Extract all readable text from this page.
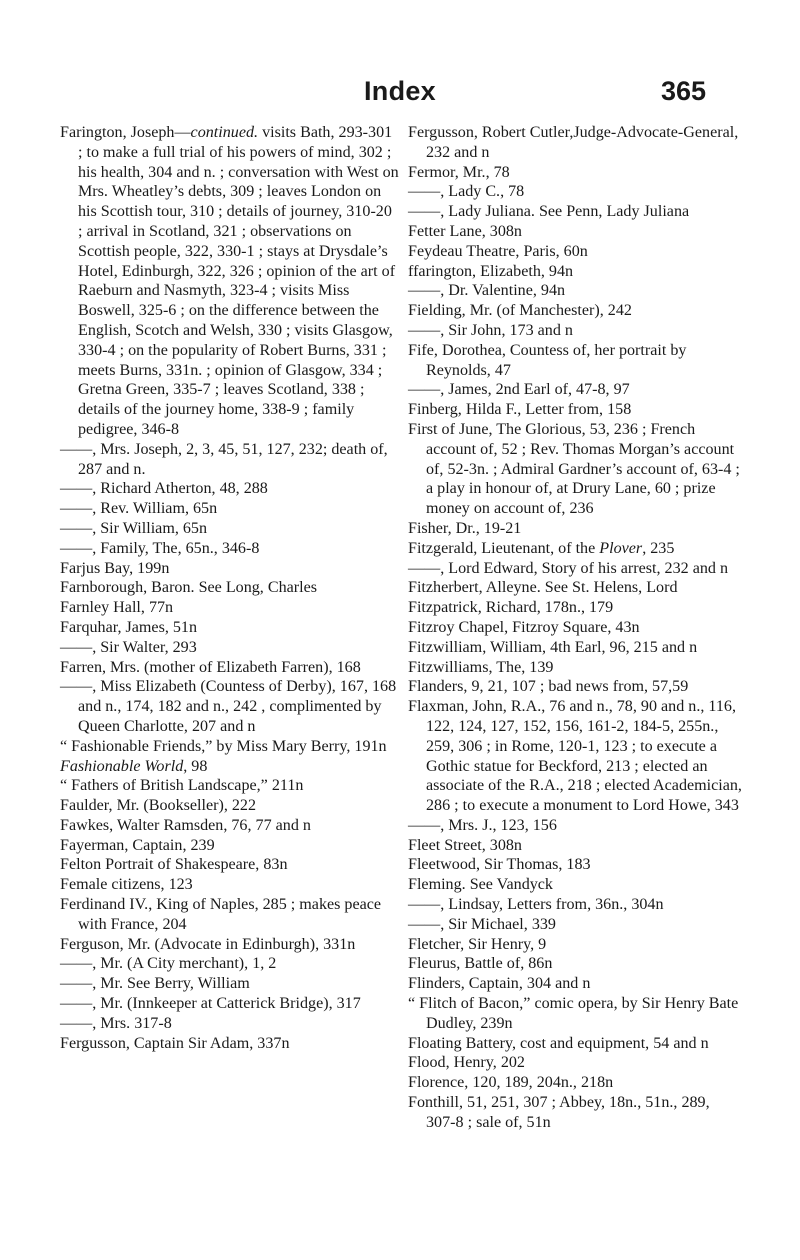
Index	365

Farington, Joseph—continued. visits Bath, 293-301 ; to make a full trial of his powers of mind, 302 ; his health, 304 and n. ; conversation with West on Mrs. Wheatley’s debts, 309 ; leaves London on his Scottish tour, 310 ; details of journey, 310-20 ; arrival in Scotland, 321 ; observations on Scottish people, 322, 330-1 ; stays at Drysdale’s Hotel, Edinburgh, 322, 326 ; opinion of the art of Raeburn and Nasmyth, 323-4 ; visits Miss Boswell, 325-6 ; on the difference between the English, Scotch and Welsh, 330 ; visits Glasgow, 330-4 ; on the popularity of Robert Burns, 331 ; meets Burns, 331n. ; opinion of Glasgow, 334 ; Gretna Green, 335-7 ; leaves Scotland, 338 ; details of the journey home, 338-9 ; family pedigree, 346-8

——, Mrs. Joseph, 2, 3, 45, 51, 127, 232; death of, 287 and n.

——, Richard Atherton, 48, 288

——, Rev. William, 65n

——, Sir William, 65n

——, Family, The, 65n., 346-8

Farjus Bay, 199n

Farnborough, Baron. See Long, Charles

Farnley Hall, 77n

Farquhar, James, 51n

——, Sir Walter, 293

Farren, Mrs. (mother of Elizabeth Farren), 168

——, Miss Elizabeth (Countess of Derby), 167, 168 and n., 174, 182 and n., 242 , complimented by Queen Charlotte, 207 and n

“ Fashionable Friends,” by Miss Mary Berry, 191n

Fashionable World, 98

“ Fathers of British Landscape,” 211n

Faulder, Mr. (Bookseller), 222

Fawkes, Walter Ramsden, 76, 77 and n

Fayerman, Captain, 239

Felton Portrait of Shakespeare, 83n

Female citizens, 123

Ferdinand IV., King of Naples, 285 ; makes peace with France, 204

Ferguson, Mr. (Advocate in Edinburgh), 331n

——, Mr. (A City merchant), 1, 2

——, Mr. See Berry, William

——, Mr. (Innkeeper at Catterick Bridge), 317

——, Mrs. 317-8

Fergusson, Captain Sir Adam, 337n

Fergusson, Robert Cutler,Judge-Advocate-General, 232 and n

Fermor, Mr., 78

——, Lady C., 78

——, Lady Juliana. See Penn, Lady Juliana

Fetter Lane, 308n

Feydeau Theatre, Paris, 60n

ffarington, Elizabeth, 94n

——, Dr. Valentine, 94n

Fielding, Mr. (of Manchester), 242

——, Sir John, 173 and n

Fife, Dorothea, Countess of, her portrait by Reynolds, 47

——, James, 2nd Earl of, 47-8, 97

Finberg, Hilda F., Letter from, 158

First of June, The Glorious, 53, 236 ; French account of, 52 ; Rev. Thomas Morgan’s account of, 52-3n. ; Admiral Gardner’s account of, 63-4 ; a play in honour of, at Drury Lane, 60 ; prize money on account of, 236

Fisher, Dr., 19-21

Fitzgerald, Lieutenant, of the Plover, 235

——, Lord Edward, Story of his arrest, 232 and n

Fitzherbert, Alleyne. See St. Helens, Lord

Fitzpatrick, Richard, 178n., 179

Fitzroy Chapel, Fitzroy Square, 43n

Fitzwilliam, William, 4th Earl, 96, 215 and n

Fitzwilliams, The, 139

Flanders, 9, 21, 107 ; bad news from, 57,59

Flaxman, John, R.A., 76 and n., 78, 90 and n., 116, 122, 124, 127, 152, 156, 161-2, 184-5, 255n., 259, 306 ; in Rome, 120-1, 123 ; to execute a Gothic statue for Beckford, 213 ; elected an associate of the R.A., 218 ; elected Academician, 286 ; to execute a monument to Lord Howe, 343

——, Mrs. J., 123, 156

Fleet Street, 308n

Fleetwood, Sir Thomas, 183

Fleming. See Vandyck

——, Lindsay, Letters from, 36n., 304n

——, Sir Michael, 339

Fletcher, Sir Henry, 9

Fleurus, Battle of, 86n

Flinders, Captain, 304 and n

“ Flitch of Bacon,” comic opera, by Sir Henry Bate Dudley, 239n

Floating Battery, cost and equipment, 54 and n

Flood, Henry, 202

Florence, 120, 189, 204n., 218n

Fonthill, 51, 251, 307 ; Abbey, 18n., 51n., 289, 307-8 ; sale of, 51n
